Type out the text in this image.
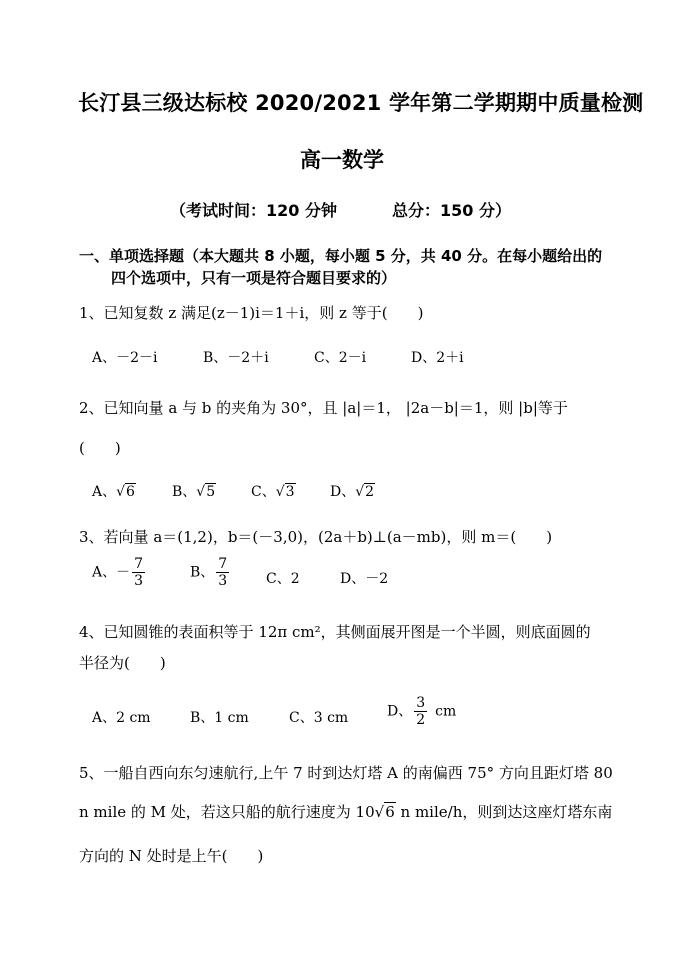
长汀县三级达标校 2020/2021 学年第二学期期中质量检测
高一数学
（考试时间：120 分钟	总分：150 分）
一、单项选择题（本大题共 8 小题，每小题 5 分，共 40 分。在每小题给出的
四个选项中，只有一项是符合题目要求的）
1、已知复数 z 满足(z－1)i＝1＋i，则 z 等于(　　)
A、－2－i	B、－2＋i	C、2－i	D、2＋i
2、已知向量 a 与 b 的夹角为 30°，且 |a|＝1， |2a－b|＝1，则 |b|等于
(　　)
A、√6	B、√5	C、√3	D、√2
3、若向量 a＝(1,2)，b＝(－3,0)，(2a＋b)⊥(a－mb)，则 m＝(　　)
A、－ $\frac{7}{3}$	B、 $\frac{7}{3}$	C、2	D、－2
4、已知圆锥的表面积等于 12π cm²，其侧面展开图是一个半圆，则底面圆的
半径为(　　)
A、2 cm	B、1 cm	C、3 cm	D、 $\frac{3}{2}$ cm
5、一船自西向东匀速航行,上午 7 时到达灯塔 A 的南偏西 75° 方向且距灯塔 80
n mile 的 M 处，若这只船的航行速度为 10√6 n mile/h，则到达这座灯塔东南
方向的 N 处时是上午(　　)
